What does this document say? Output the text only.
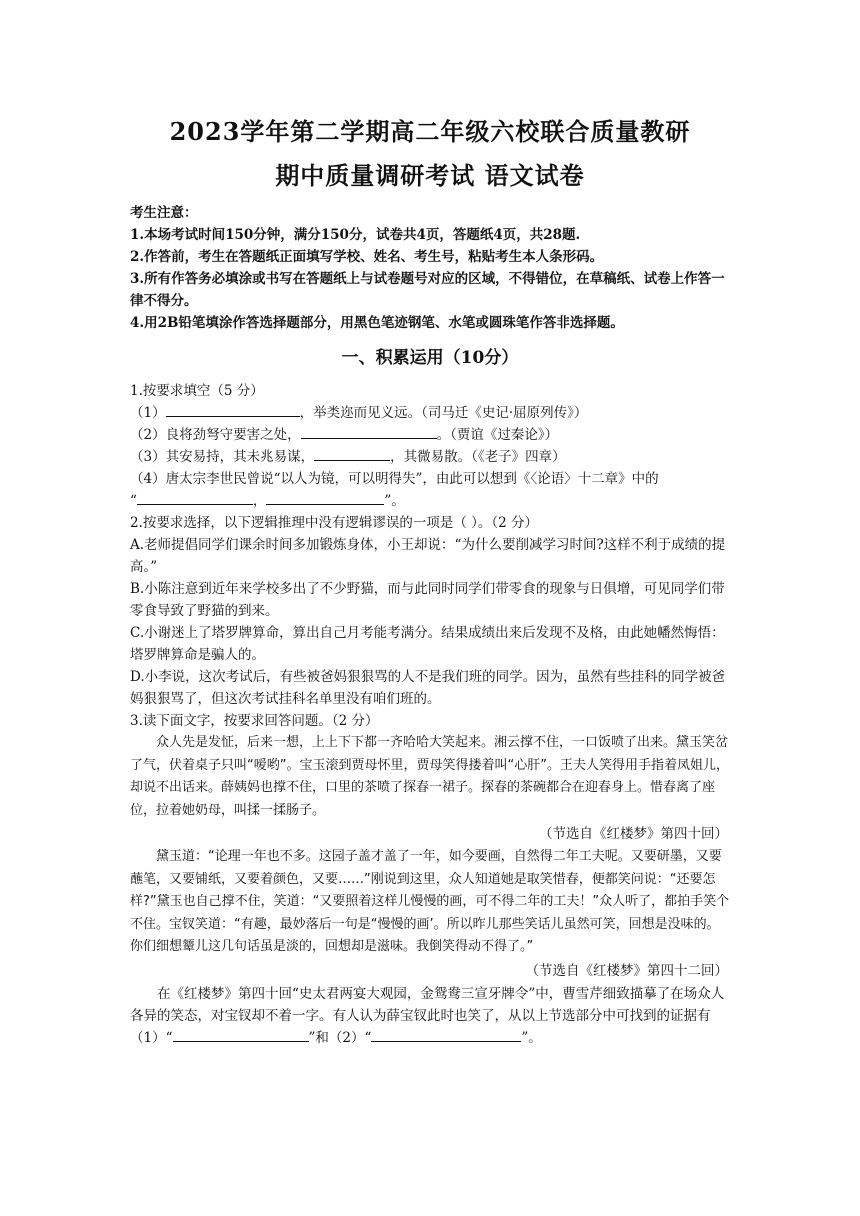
2023学年第二学期高二年级六校联合质量教研
期中质量调研考试 语文试卷
考生注意：
1.本场考试时间150分钟，满分150分，试卷共4页，答题纸4页，共28题.
2.作答前，考生在答题纸正面填写学校、姓名、考生号，粘贴考生本人条形码。
3.所有作答务必填涂或书写在答题纸上与试卷题号对应的区域，不得错位，在草稿纸、试卷上作答一律不得分。
4.用2B铅笔填涂作答选择题部分，用黑色笔迹钢笔、水笔或圆珠笔作答非选择题。
一、积累运用（10分）

1.按要求填空（5 分）

（1）	，举类迩而见义远。（司马迁《史记·屈原列传》）

（2）良将劲弩守要害之处，	。（贾谊《过秦论》）

（3）其安易持，其未兆易谋，	，其微易散。（《老子》四章）

（4）唐太宗李世民曾说“以人为镜，可以明得失”，由此可以想到《〈论语〉十二章》中的

“	，	”。

2.按要求选择，以下逻辑推理中没有逻辑谬误的一项是（ ）。（2 分）

A.老师提倡同学们课余时间多加锻炼身体，小王却说：“为什么要削减学习时间?这样不利于成绩的提高。”

B.小陈注意到近年来学校多出了不少野猫，而与此同时同学们带零食的现象与日俱增，可见同学们带零食导致了野猫的到来。

C.小谢迷上了塔罗牌算命，算出自己月考能考满分。结果成绩出来后发现不及格，由此她幡然悔悟：塔罗牌算命是骗人的。

D.小李说，这次考试后，有些被爸妈狠狠骂的人不是我们班的同学。因为，虽然有些挂科的同学被爸妈狠狠骂了，但这次考试挂科名单里没有咱们班的。

3.读下面文字，按要求回答问题。（2 分）

众人先是发怔，后来一想，上上下下都一齐哈哈大笑起来。湘云撑不住，一口饭喷了出来。黛玉笑岔了气，伏着桌子只叫“嗳哟”。宝玉滚到贾母怀里，贾母笑得搂着叫“心肝”。王夫人笑得用手指着凤姐儿，却说不出话来。薛姨妈也撑不住，口里的茶喷了探春一裙子。探春的茶碗都合在迎春身上。惜春离了座位，拉着她奶母，叫揉一揉肠子。

（节选自《红楼梦》第四十回）

黛玉道：“论理一年也不多。这园子盖才盖了一年，如今要画，自然得二年工夫呢。又要研墨，又要蘸笔，又要铺纸，又要着颜色，又要……”刚说到这里，众人知道她是取笑惜春，便都笑问说：“还要怎样?”黛玉也自己撑不住，笑道：“又要照着这样儿慢慢的画，可不得二年的工夫！”众人听了，都拍手笑个不住。宝钗笑道：“有趣，最妙落后一句是“慢慢的画’。所以昨儿那些笑话儿虽然可笑，回想是没味的。你们细想颦儿这几句话虽是淡的，回想却是滋味。我倒笑得动不得了。”

（节选自《红楼梦》第四十二回）

在《红楼梦》第四十回“史太君两宴大观园，金鸳鸯三宣牙牌令”中，曹雪芹细致描摹了在场众人各异的笑态，对宝钗却不着一字。有人认为薛宝钗此时也笑了，从以上节选部分中可找到的证据有（1）“	”和（2）“	”。
